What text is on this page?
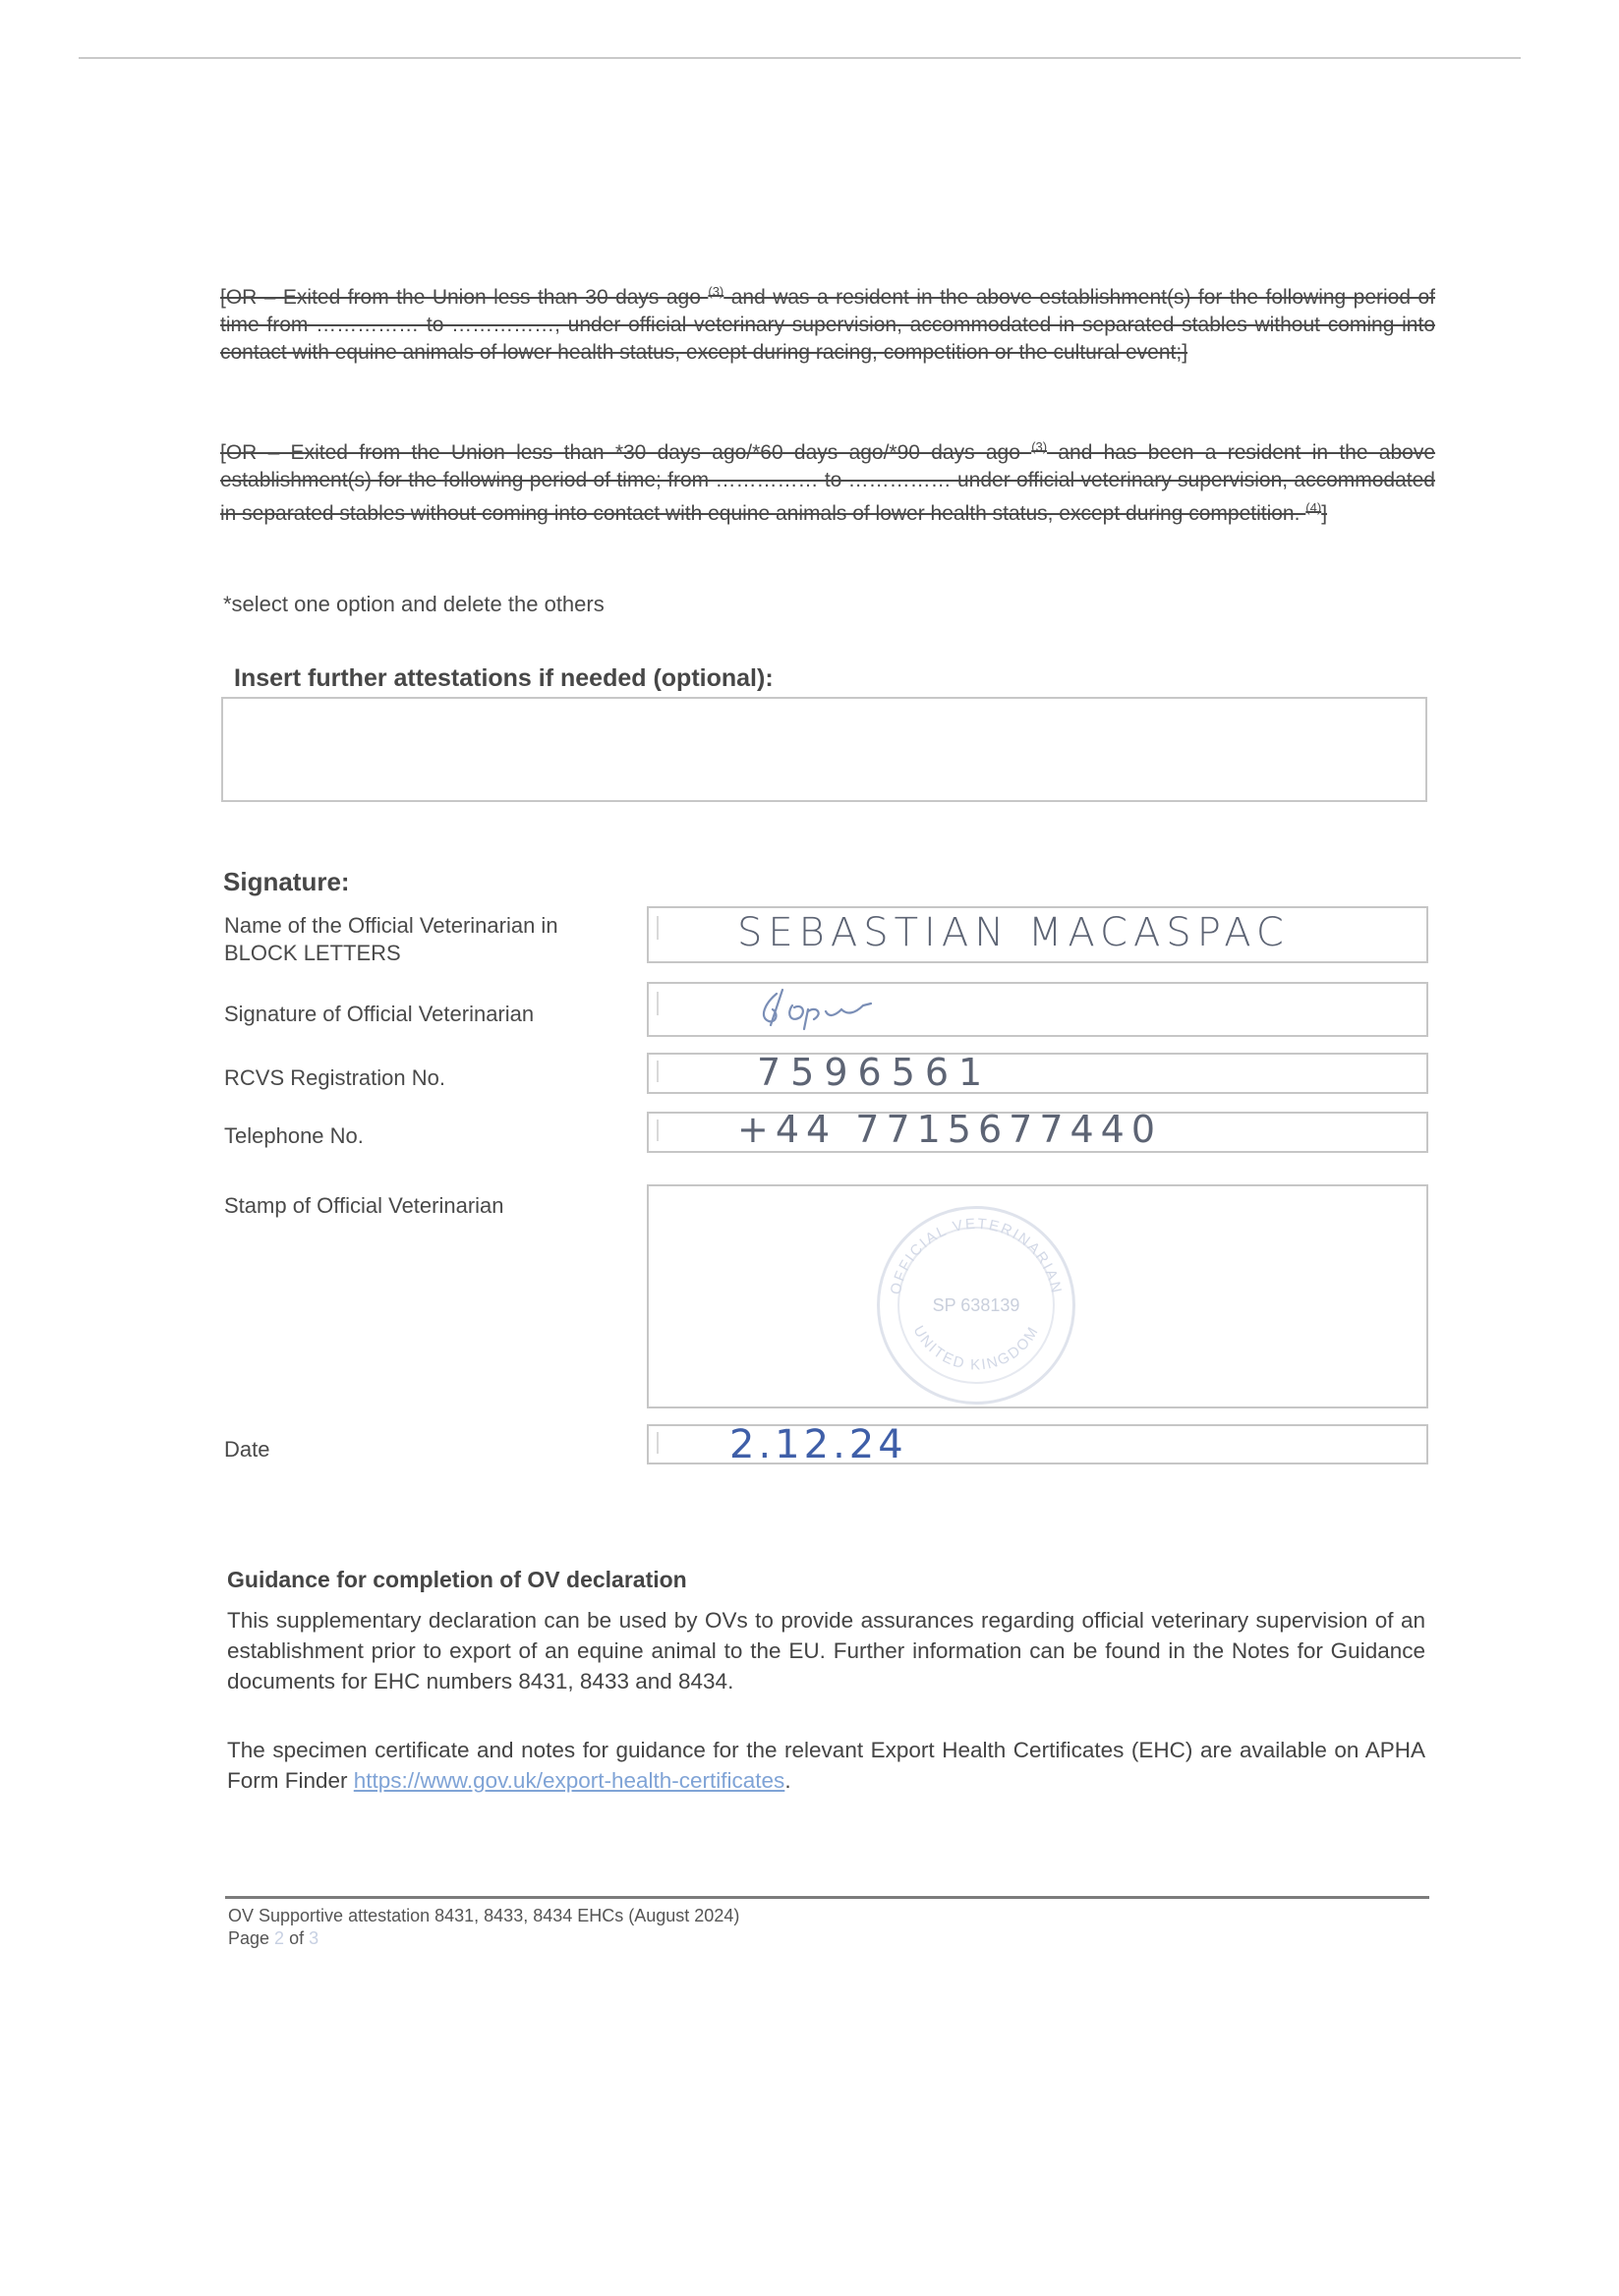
[OR – Exited from the Union less than 30 days ago $^{(3)}$ and was a resident in the above establishment(s) for the following period of time from …………… to ……………, under official veterinary supervision, accommodated in separated stables without coming into contact with equine animals of lower health status, except during racing, competition or the cultural event;]

[OR – Exited from the Union less than *30 days ago/*60 days ago/*90 days ago $^{(3)}$ and has been a resident in the above establishment(s) for the following period of time; from …………… to …………… under official veterinary supervision, accommodated in separated stables without coming into contact with equine animals of lower health status, except during competition. $^{(4)}$]

*select one option and delete the others
Insert further attestations if needed (optional):
Signature:
Name of the Official Veterinarian in BLOCK LETTERS	SEBASTIAN MACASPAC
Signature of Official Veterinarian
RCVS Registration No.	7596561
Telephone No.	+44 7715677440
Stamp of Official Veterinarian
OFFICIAL VETERINARIAN
UNITED KINGDOM
SP 638139
Date	2.12.24
Guidance for completion of OV declaration

This supplementary declaration can be used by OVs to provide assurances regarding official veterinary supervision of an establishment prior to export of an equine animal to the EU. Further information can be found in the Notes for Guidance documents for EHC numbers 8431, 8433 and 8434.

The specimen certificate and notes for guidance for the relevant Export Health Certificates (EHC) are available on APHA Form Finder https://www.gov.uk/export-health-certificates.

OV Supportive attestation 8431, 8433, 8434 EHCs (August 2024)
Page 2 of 3
